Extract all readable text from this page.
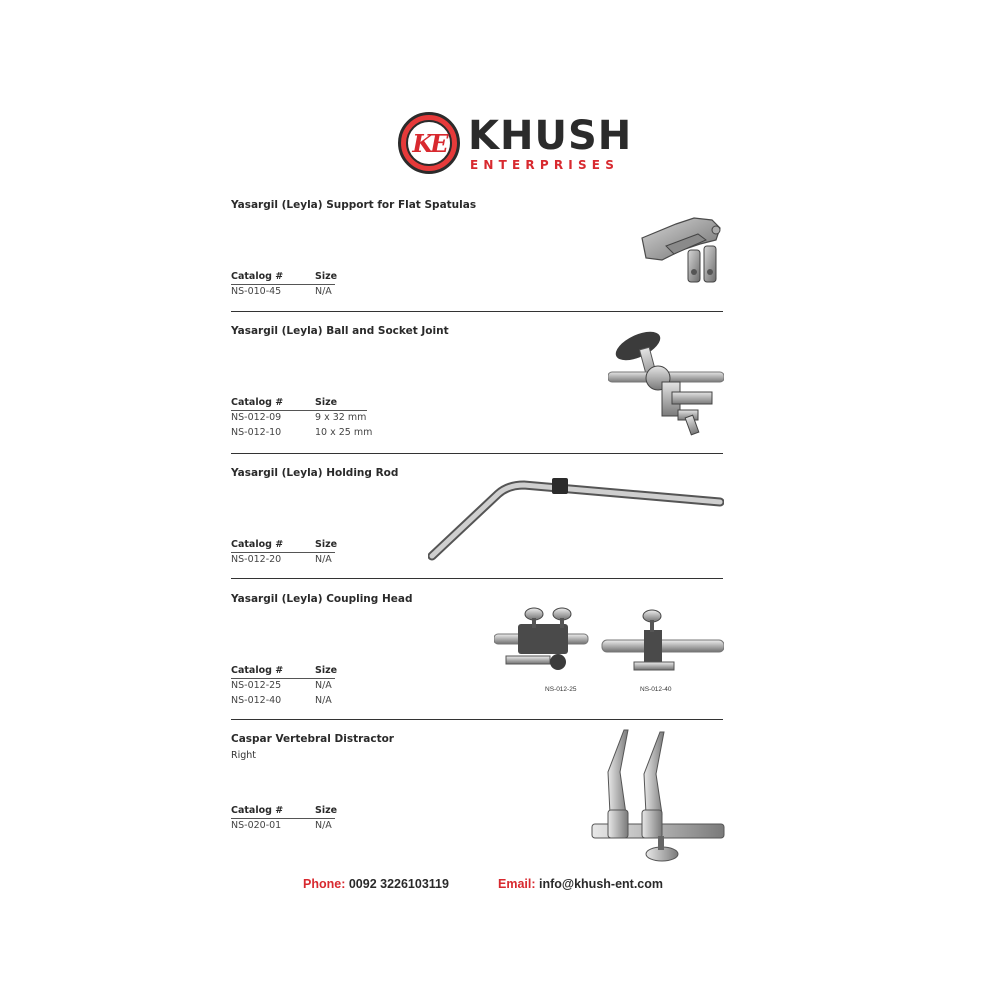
KE KHUSH
ENTERPRISES
Yasargil (Leyla) Support for Flat Spatulas
Catalog #	Size
NS-010-45	N/A
Yasargil (Leyla) Ball and Socket Joint
Catalog #	Size
NS-012-09	9 x 32 mm
NS-012-10	10 x 25 mm
Yasargil (Leyla) Holding Rod
Catalog #	Size
NS-012-20	N/A
Yasargil (Leyla) Coupling Head
Catalog #	Size
NS-012-25	N/A
NS-012-40	N/A
NS-012-25	NS-012-40
Caspar Vertebral Distractor
Right
Catalog #	Size
NS-020-01	N/A
Phone: 0092 3226103119	Email: info@khush-ent.com
